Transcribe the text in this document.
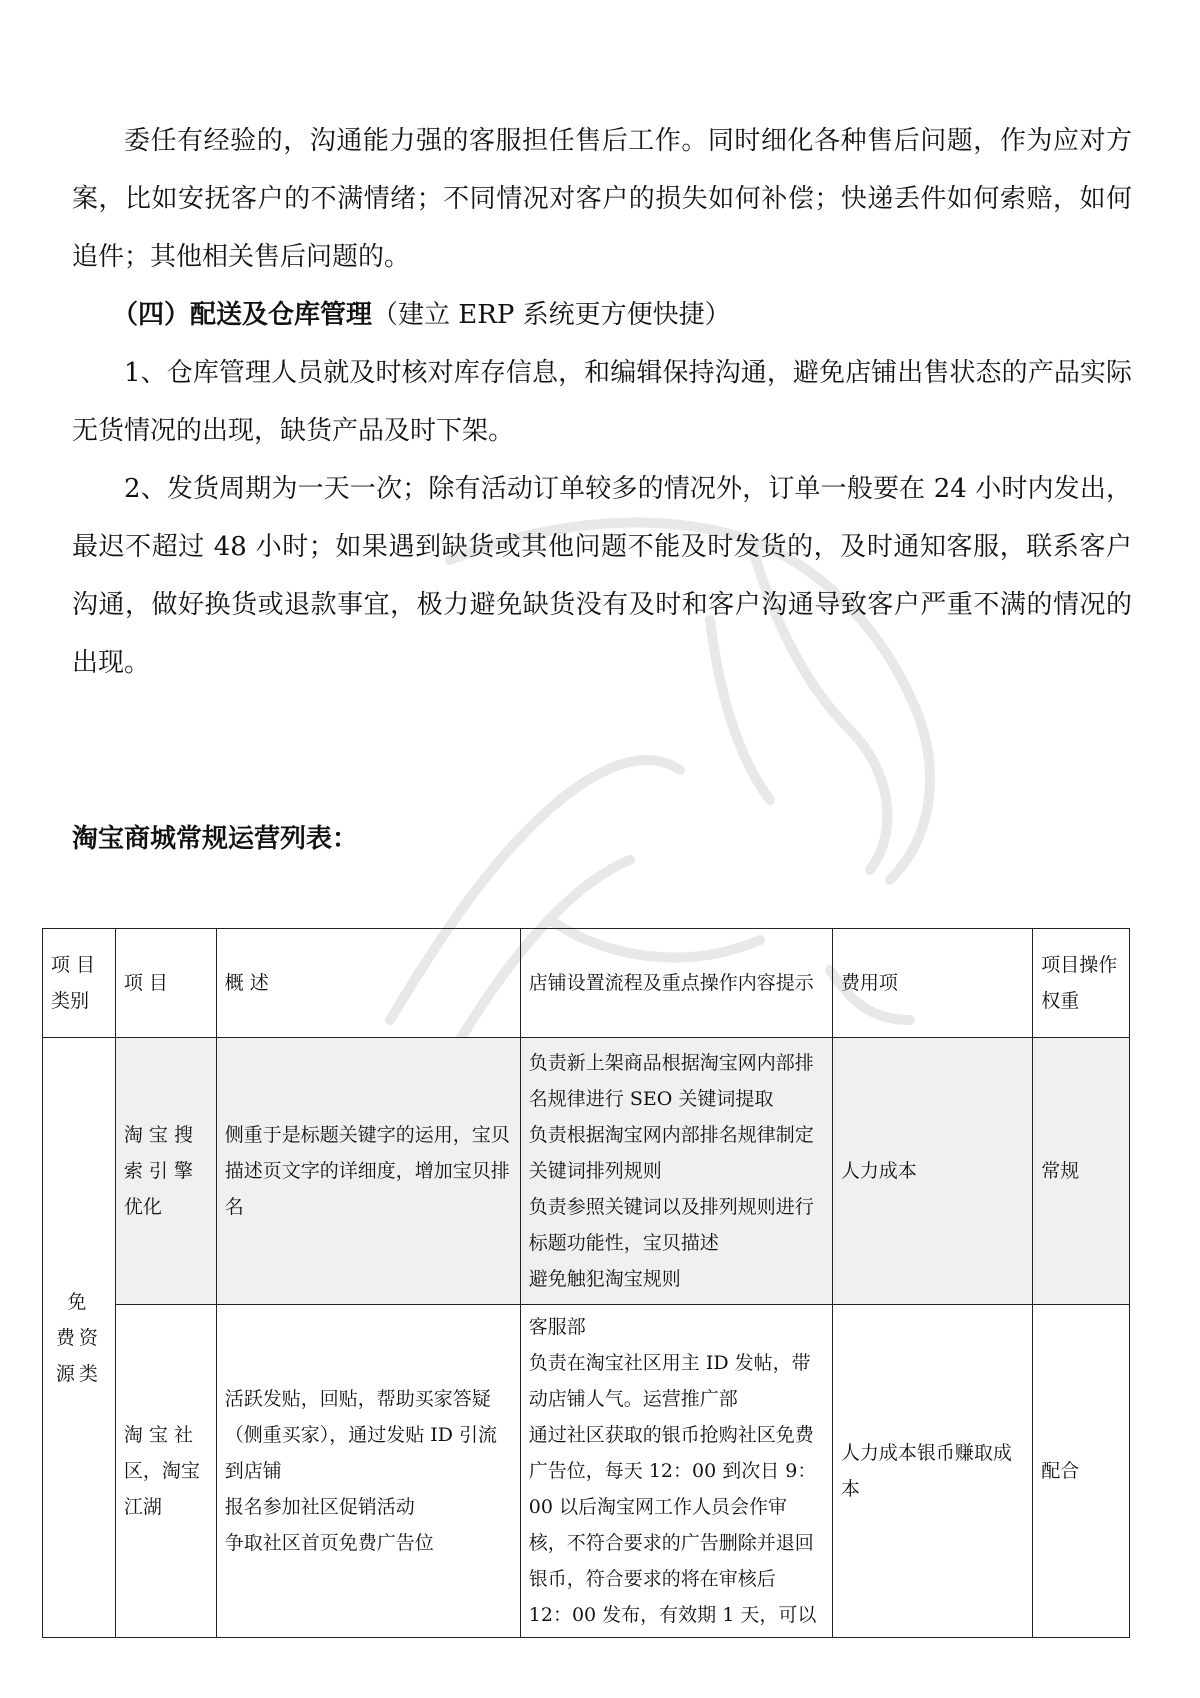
委任有经验的，沟通能力强的客服担任售后工作。同时细化各种售后问题，作为应对方案，比如安抚客户的不满情绪；不同情况对客户的损失如何补偿；快递丢件如何索赔，如何追件；其他相关售后问题的。

（四）配送及仓库管理（建立 ERP 系统更方便快捷）

1、仓库管理人员就及时核对库存信息，和编辑保持沟通，避免店铺出售状态的产品实际无货情况的出现，缺货产品及时下架。

2、发货周期为一天一次；除有活动订单较多的情况外，订单一般要在 24 小时内发出，最迟不超过 48 小时；如果遇到缺货或其他问题不能及时发货的，及时通知客服，联系客户沟通，做好换货或退款事宜，极力避免缺货没有及时和客户沟通导致客户严重不满的情况的出现。

淘宝商城常规运营列表：

项 目类别	项 目	概 述	店铺设置流程及重点操作内容提示	费用项	项目操作权重
免 费资 源类	淘 宝 搜索 引 擎优化	侧重于是标题关键字的运用，宝贝描述页文字的详细度，增加宝贝排名	负责新上架商品根据淘宝网内部排名规律进行 SEO 关键词提取
负责根据淘宝网内部排名规律制定关键词排列规则
负责参照关键词以及排列规则进行标题功能性，宝贝描述
避免触犯淘宝规则	人力成本	常规
	淘 宝 社区，淘宝江湖	活跃发贴，回贴，帮助买家答疑（侧重买家），通过发贴 ID 引流到店铺
报名参加社区促销活动
争取社区首页免费广告位	客服部
负责在淘宝社区用主 ID 发帖，带动店铺人气。运营推广部
通过社区获取的银币抢购社区免费广告位，每天 12：00 到次日 9：00 以后淘宝网工作人员会作审核，不符合要求的广告删除并退回银币，符合要求的将在审核后 12：00 发布，有效期 1 天，可以	人力成本银币赚取成本	配合
